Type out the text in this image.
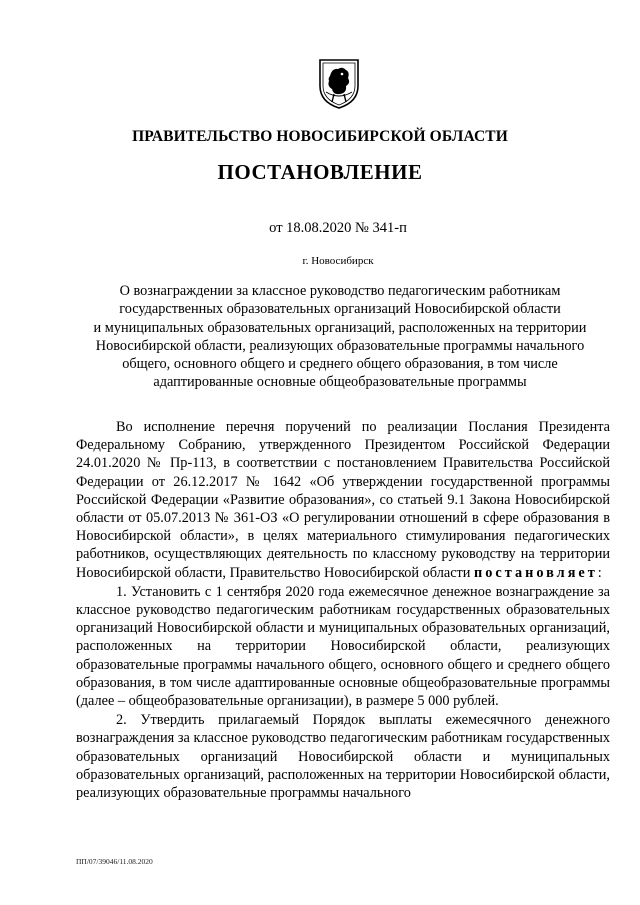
ПРАВИТЕЛЬСТВО НОВОСИБИРСКОЙ ОБЛАСТИ
ПОСТАНОВЛЕНИЕ
от 18.08.2020 № 341-п
г. Новосибирск
О вознаграждении за классное руководство педагогическим работникам
государственных образовательных организаций Новосибирской области
и муниципальных образовательных организаций, расположенных на территории
Новосибирской области, реализующих образовательные программы начального
общего, основного общего и среднего общего образования, в том числе
адаптированные основные общеобразовательные программы

Во исполнение перечня поручений по реализации Послания Президента Федеральному Собранию, утвержденного Президентом Российской Федерации 24.01.2020 № Пр-113, в соответствии с постановлением Правительства Российской Федерации от 26.12.2017 № 1642 «Об утверждении государственной программы Российской Федерации «Развитие образования», со статьей 9.1 Закона Новосибирской области от 05.07.2013 № 361-ОЗ «О регулировании отношений в сфере образования в Новосибирской области», в целях материального стимулирования педагогических работников, осуществляющих деятельность по классному руководству на территории Новосибирской области, Правительство Новосибирской области постановляет:

1. Установить с 1 сентября 2020 года ежемесячное денежное вознаграждение за классное руководство педагогическим работникам государственных образовательных организаций Новосибирской области и муниципальных образовательных организаций, расположенных на территории Новосибирской области, реализующих образовательные программы начального общего, основного общего и среднего общего образования, в том числе адаптированные основные общеобразовательные программы (далее – общеобразовательные организации), в размере 5 000 рублей.

2. Утвердить прилагаемый Порядок выплаты ежемесячного денежного вознаграждения за классное руководство педагогическим работникам государственных образовательных организаций Новосибирской области и муниципальных образовательных организаций, расположенных на территории Новосибирской области, реализующих образовательные программы начального

ПП/07/39046/11.08.2020
